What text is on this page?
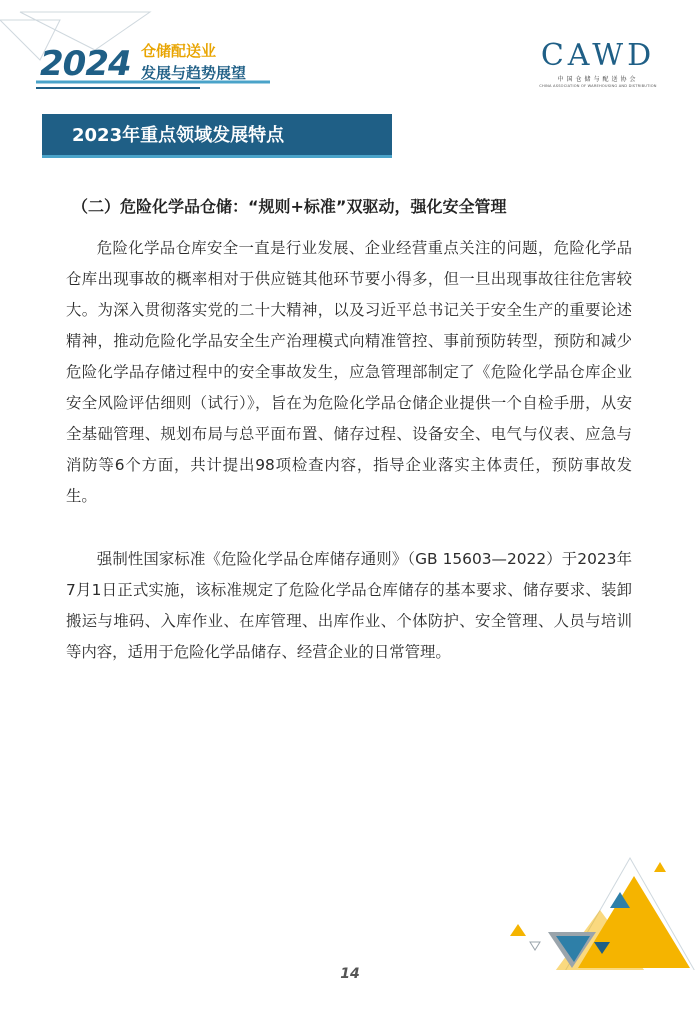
2024 仓储配送业
发展与趋势展望	CAWD
中国仓储与配送协会
CHINA ASSOCIATION OF WAREHOUSING AND DISTRIBUTION
2023年重点领域发展特点
（二）危险化学品仓储：“规则+标准”双驱动，强化安全管理

危险化学品仓库安全一直是行业发展、企业经营重点关注的问题，危险化学品仓库出现事故的概率相对于供应链其他环节要小得多，但一旦出现事故往往危害较大。为深入贯彻落实党的二十大精神，以及习近平总书记关于安全生产的重要论述精神，推动危险化学品安全生产治理模式向精准管控、事前预防转型，预防和减少危险化学品存储过程中的安全事故发生，应急管理部制定了《危险化学品仓库企业安全风险评估细则（试行）》，旨在为危险化学品仓储企业提供一个自检手册，从安全基础管理、规划布局与总平面布置、储存过程、设备安全、电气与仪表、应急与消防等6个方面，共计提出98项检查内容，指导企业落实主体责任，预防事故发生。

强制性国家标准《危险化学品仓库储存通则》（GB 15603—2022）于2023年7月1日正式实施，该标准规定了危险化学品仓库储存的基本要求、储存要求、装卸搬运与堆码、入库作业、在库管理、出库作业、个体防护、安全管理、人员与培训等内容，适用于危险化学品储存、经营企业的日常管理。

14
